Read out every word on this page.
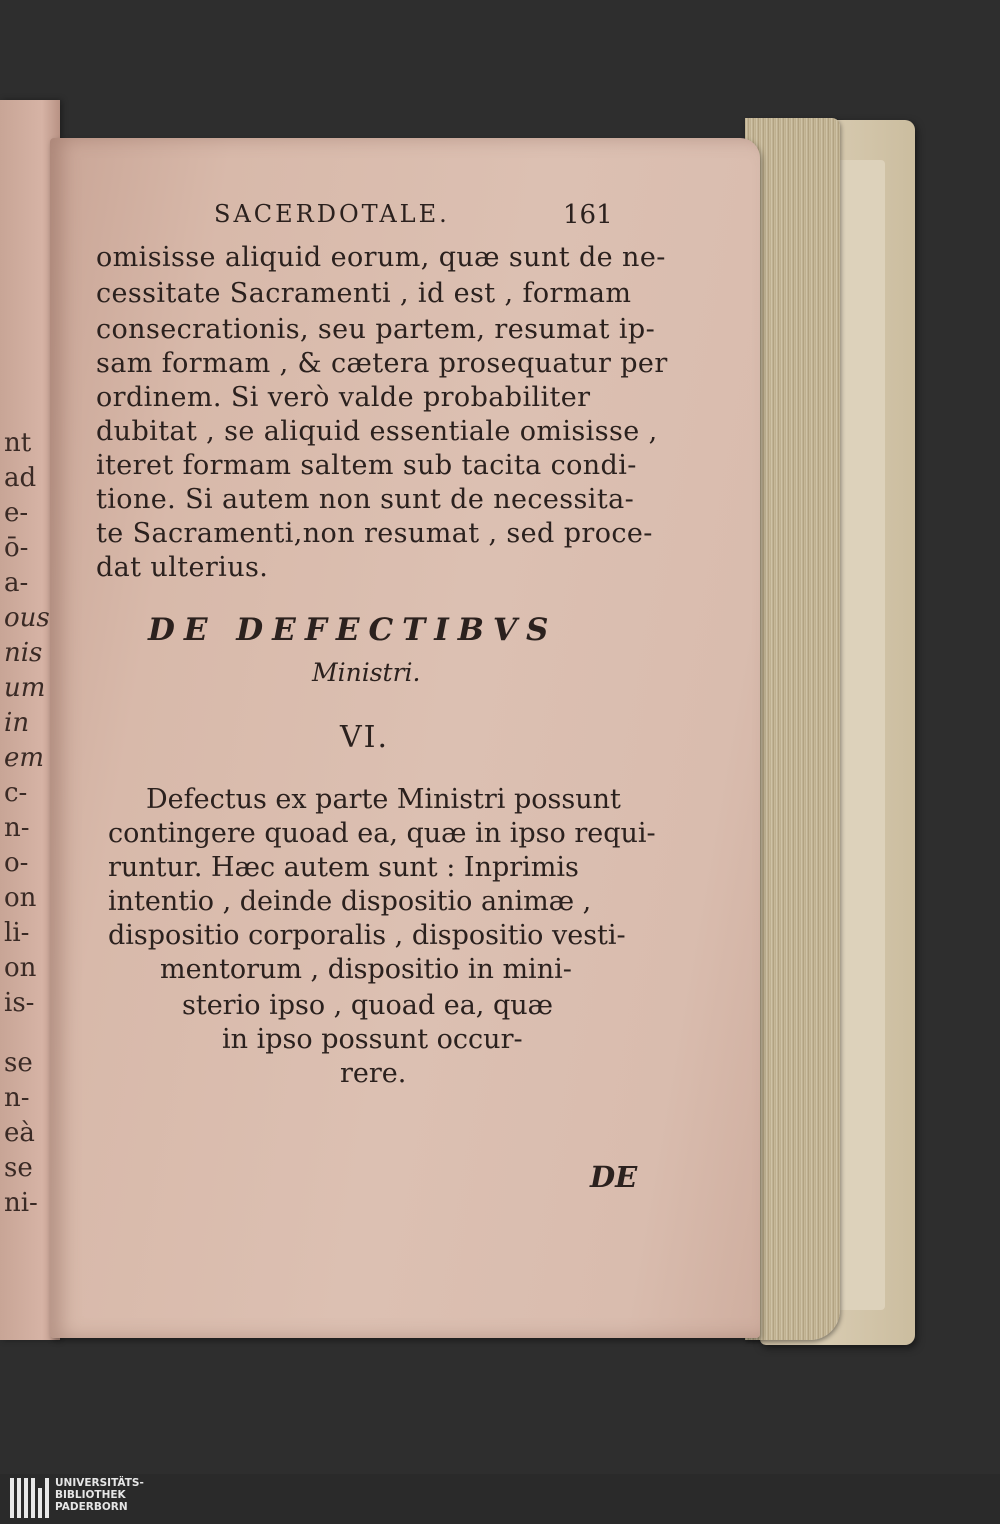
nt
ad
e-
ō-
a-
ous
nis
um
in
em
c-
n-
o-
on
li-
on
is-
se
n-
eà
se
ni-
SACERDOTALE.	161
omisisse aliquid eorum, quæ sunt de ne-
cessitate Sacramenti , id est , formam
consecrationis, seu partem, resumat ip-
sam formam , & cætera prosequatur per
ordinem. Si verò valde probabiliter
dubitat , se aliquid essentiale omisisse ,
iteret formam saltem sub tacita condi-
tione. Si autem non sunt de necessita-
te Sacramenti,non resumat , sed proce-
dat ulterius.
DE DEFECTIBVS
Ministri.
VI.
Defectus ex parte Ministri possunt
contingere quoad ea, quæ in ipso requi-
runtur. Hæc autem sunt : Inprimis
intentio , deinde dispositio animæ ,
dispositio corporalis , dispositio vesti-
mentorum , dispositio in mini-
sterio ipso , quoad ea, quæ
in ipso possunt occur-
rere.
DE
UNIVERSITÄTS-
BIBLIOTHEK
PADERBORN
